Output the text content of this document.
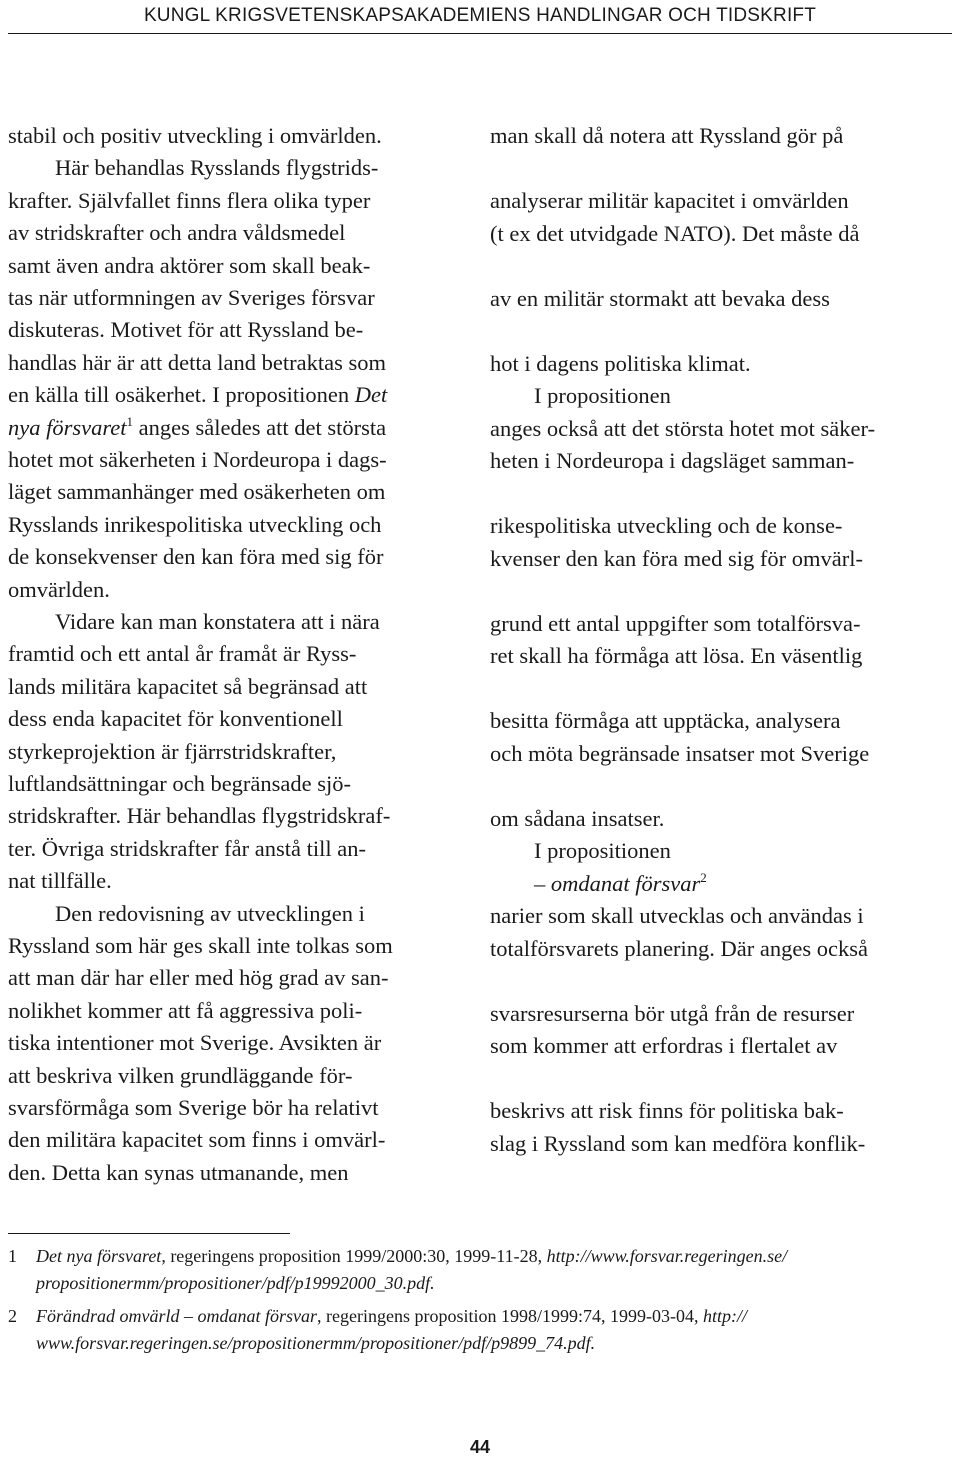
KUNGL KRIGSVETENSKAPSAKADEMIENS HANDLINGAR OCH TIDSKRIFT
stabil och positiv utveckling i omvärlden.
Här behandlas Rysslands flygstrids-
krafter. Självfallet finns flera olika typer
av stridskrafter och andra våldsmedel
samt även andra aktörer som skall beak-
tas när utformningen av Sveriges försvar
diskuteras. Motivet för att Ryssland be-
handlas här är att detta land betraktas som
en källa till osäkerhet. I propositionen Det
nya försvaret$^1$ anges således att det största
hotet mot säkerheten i Nordeuropa i dags-
läget sammanhänger med osäkerheten om
Rysslands inrikespolitiska utveckling och
de konsekvenser den kan föra med sig för
omvärlden.
Vidare kan man konstatera att i nära
framtid och ett antal år framåt är Ryss-
lands militära kapacitet så begränsad att
dess enda kapacitet för konventionell
styrkeprojektion är fjärrstridskrafter,
luftlandsättningar och begränsade sjö-
stridskrafter. Här behandlas flygstridskraf-
ter. Övriga stridskrafter får anstå till an-
nat tillfälle.
Den redovisning av utvecklingen i
Ryssland som här ges skall inte tolkas som
att man där har eller med hög grad av san-
nolikhet kommer att få aggressiva poli-
tiska intentioner mot Sverige. Avsikten är
att beskriva vilken grundläggande för-
svarsförmåga som Sverige bör ha relativt
den militära kapacitet som finns i omvärl-
den. Detta kan synas utmanande, men
man skall då notera att Ryssland gör på
analyserar militär kapacitet i omvärlden
(t ex det utvidgade NATO). Det måste då
av en militär stormakt att bevaka dess
hot i dagens politiska klimat.
I propositionen
anges också att det största hotet mot säker-
heten i Nordeuropa i dagsläget samman-
rikespolitiska utveckling och de konse-
kvenser den kan föra med sig för omvärl-
grund ett antal uppgifter som totalförsva-
ret skall ha förmåga att lösa. En väsentlig
besitta förmåga att upptäcka, analysera
och möta begränsade insatser mot Sverige
om sådana insatser.
I propositionen
– omdanat försvar$^2$
narier som skall utvecklas och användas i
totalförsvarets planering. Där anges också
svarsresurserna bör utgå från de resurser
som kommer att erfordras i flertalet av
beskrivs att risk finns för politiska bak-
slag i Ryssland som kan medföra konflik-
1 Det nya försvaret, regeringens proposition 1999/2000:30, 1999-11-28, http://www.forsvar.regeringen.se/
propositionermm/propositioner/pdf/p19992000_30.pdf.
2 Förändrad omvärld – omdanat försvar, regeringens proposition 1998/1999:74, 1999-03-04, http://
www.forsvar.regeringen.se/propositionermm/propositioner/pdf/p9899_74.pdf.
44
